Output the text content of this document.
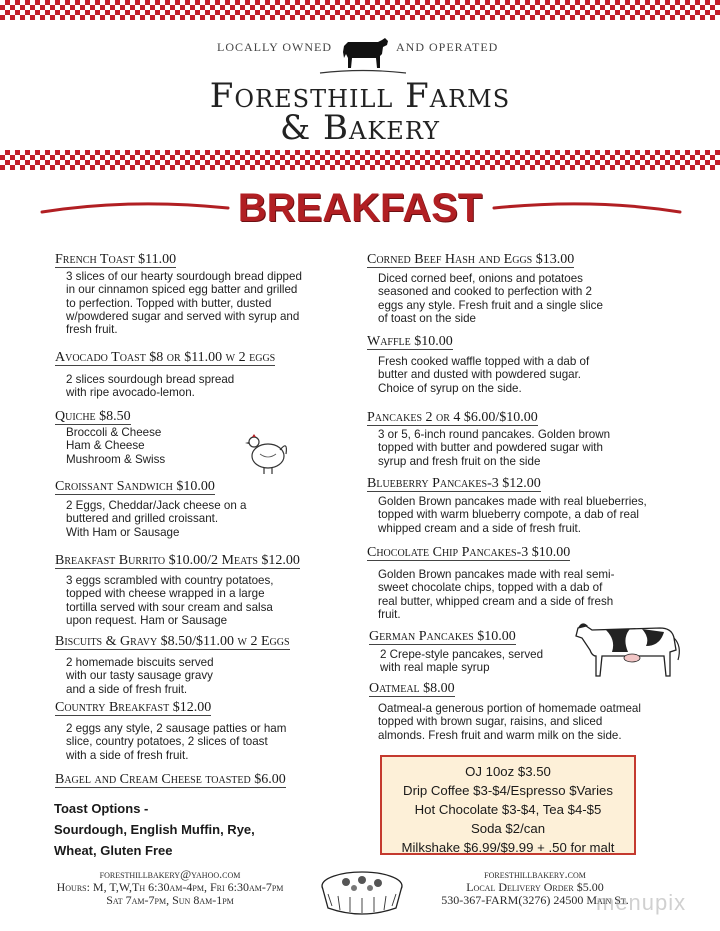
LOCALLY OWNED	AND OPERATED
Foresthill Farms
& Bakery
BREAKFAST
French Toast $11.00
3 slices of our hearty sourdough bread dipped
in our cinnamon spiced egg batter and grilled
to perfection. Topped with butter, dusted
w/powdered sugar and served with syrup and
fresh fruit.
Avocado Toast $8 or $11.00 w 2 eggs
2 slices sourdough bread spread
with ripe avocado-lemon.
Quiche $8.50
Broccoli & Cheese
Ham & Cheese
Mushroom & Swiss
Croissant Sandwich $10.00
2 Eggs, Cheddar/Jack cheese on a
buttered and grilled croissant.
With Ham or Sausage
Breakfast Burrito $10.00/2 Meats $12.00
3 eggs scrambled with country potatoes,
topped with cheese wrapped in a large
tortilla served with sour cream and salsa
upon request. Ham or Sausage
Biscuits & Gravy $8.50/$11.00 w 2 Eggs
2 homemade biscuits served
with our tasty sausage gravy
and a side of fresh fruit.
Country Breakfast $12.00
2 eggs any style, 2 sausage patties or ham
slice, country potatoes, 2 slices of toast
with a side of fresh fruit.
Bagel and Cream Cheese toasted $6.00
Toast Options -
Sourdough, English Muffin, Rye,
Wheat, Gluten Free
Corned Beef Hash and Eggs $13.00
Diced corned beef, onions and potatoes
seasoned and cooked to perfection with 2
eggs any style. Fresh fruit and a single slice
of toast on the side
Waffle $10.00
Fresh cooked waffle topped with a dab of
butter and dusted with powdered sugar.
Choice of syrup on the side.
Pancakes 2 or 4 $6.00/$10.00
3 or 5, 6-inch round pancakes. Golden brown
topped with butter and powdered sugar with
syrup and fresh fruit on the side
Blueberry Pancakes-3 $12.00
Golden Brown pancakes made with real blueberries,
topped with warm blueberry compote, a dab of real
whipped cream and a side of fresh fruit.
Chocolate Chip Pancakes-3 $10.00
Golden Brown pancakes made with real semi-
sweet chocolate chips, topped with a dab of
real butter, whipped cream and a side of fresh
fruit.
German Pancakes $10.00
2 Crepe-style pancakes, served
with real maple syrup
Oatmeal $8.00
Oatmeal-a generous portion of homemade oatmeal
topped with brown sugar, raisins, and sliced
almonds. Fresh fruit and warm milk on the side.
OJ 10oz $3.50
Drip Coffee $3-$4/Espresso $Varies
Hot Chocolate $3-$4, Tea $4-$5
Soda $2/can
Milkshake $6.99/$9.99 + .50 for malt
foresthillbakery@yahoo.com
Hours: M, T,W,Th 6:30am-4pm, Fri 6:30am-7pm
Sat 7am-7pm, Sun 8am-1pm
foresthillbakery.com
Local Delivery Order $5.00
530-367-FARM(3276) 24500 Main St.
menupix
